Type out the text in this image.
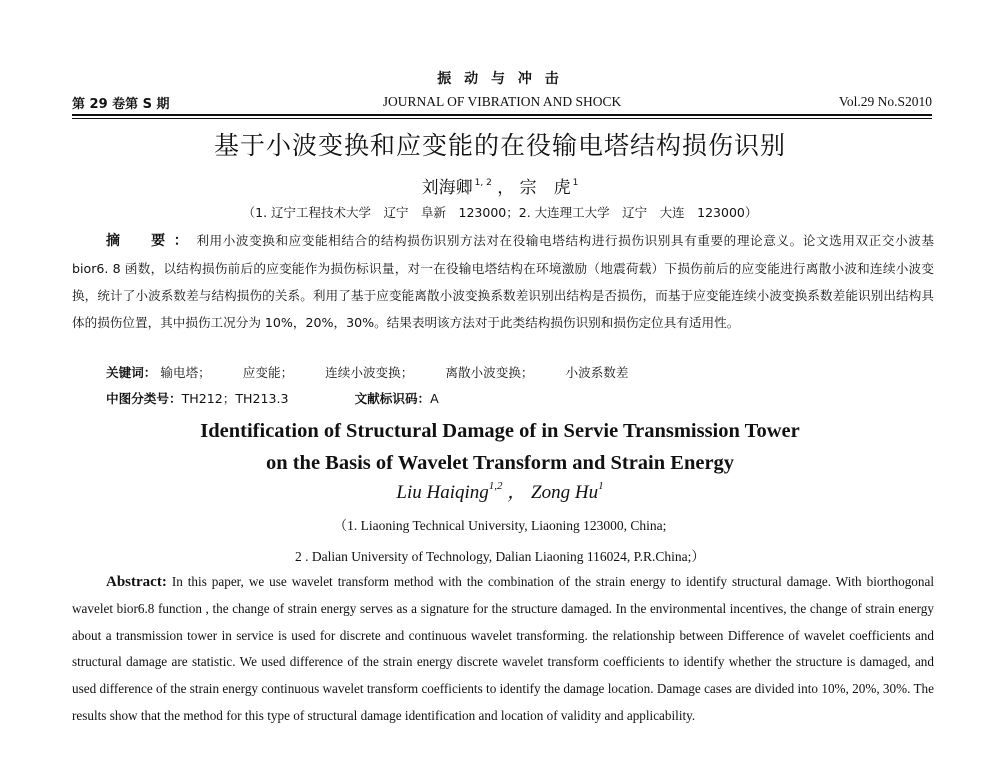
振 动 与 冲 击
第 29 卷第 S 期	JOURNAL OF VIBRATION AND SHOCK	Vol.29 No.S2010
基于小波变换和应变能的在役输电塔结构损伤识别
刘海卿 $^{1, 2}$ ， 宗　虎 $^1$
（1. 辽宁工程技术大学　辽宁　阜新　123000；2. 大连理工大学　辽宁　大连　123000）
摘　要：利用小波变换和应变能相结合的结构损伤识别方法对在役输电塔结构进行损伤识别具有重要的理论意义。论文选用双正交小波基 bior6. 8 函数，以结构损伤前后的应变能作为损伤标识量，对一在役输电塔结构在环境激励（地震荷载）下损伤前后的应变能进行离散小波和连续小波变换，统计了小波系数差与结构损伤的关系。利用了基于应变能离散小波变换系数差识别出结构是否损伤，而基于应变能连续小波变换系数差能识别出结构具体的损伤位置，其中损伤工况分为 10%，20%，30%。结果表明该方法对于此类结构损伤识别和损伤定位具有适用性。
关键词： 输电塔；	应变能；	连续小波变换；	离散小波变换；	小波系数差
中图分类号：TH212；TH213.3	文献标识码：A
Identification of Structural Damage of in Servie Transmission Tower
on the Basis of Wavelet Transform and Strain Energy
Liu Haiqing$^{1,2}$ ， Zong Hu$^1$
（1. Liaoning Technical University, Liaoning 123000, China;
2 . Dalian University of Technology, Dalian Liaoning 116024, P.R.China;）
Abstract: In this paper, we use wavelet transform method with the combination of the strain energy to identify structural damage. With biorthogonal wavelet bior6.8 function , the change of strain energy serves as a signature for the structure damaged. In the environmental incentives, the change of strain energy about a transmission tower in service is used for discrete and continuous wavelet transforming. the relationship between Difference of wavelet coefficients and structural damage are statistic. We used difference of the strain energy discrete wavelet transform coefficients to identify whether the structure is damaged, and used difference of the strain energy continuous wavelet transform coefficients to identify the damage location. Damage cases are divided into 10%, 20%, 30%. The results show that the method for this type of structural damage identification and location of validity and applicability.
